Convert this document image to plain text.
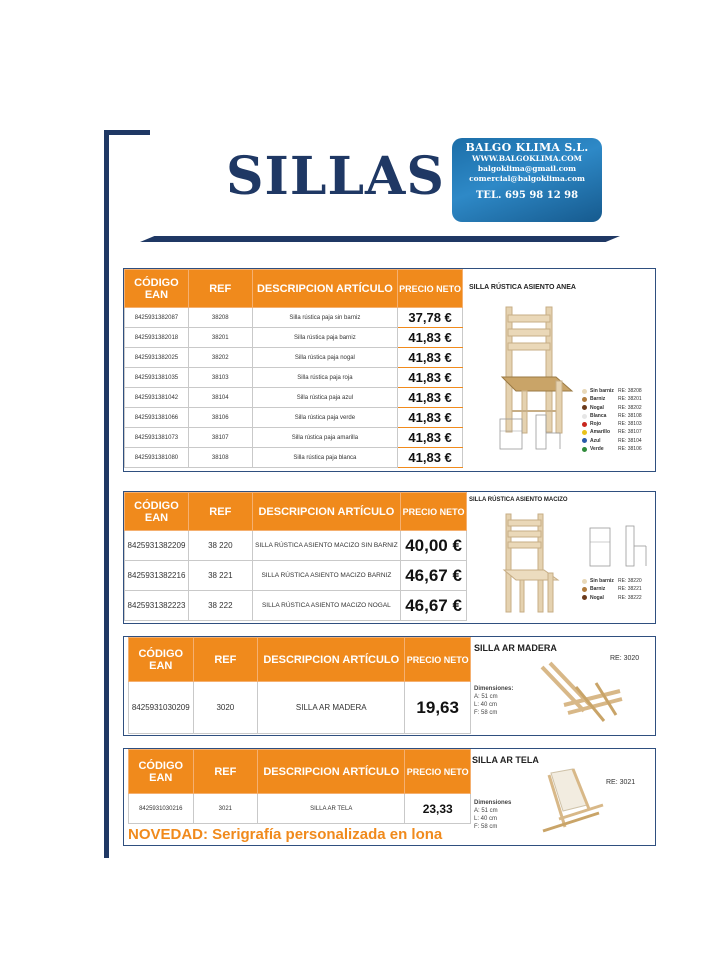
SILLAS	BALGO KLIMA S.L.
WWW.BALGOKLIMA.COM
balgoklima@gmail.com
comercial@balgoklima.com
TEL. 695 98 12 98
CÓDIGO EAN	REF	DESCRIPCION ARTÍCULO	PRECIO NETO
8425931382087	38208	Silla rústica paja sin barniz	37,78 €
8425931382018	38201	Silla rústica paja barniz	41,83 €
8425931382025	38202	Silla rústica paja nogal	41,83 €
8425931381035	38103	Silla rústica paja roja	41,83 €
8425931381042	38104	Silla rústica paja azul	41,83 €
8425931381066	38106	Silla rústica paja verde	41,83 €
8425931381073	38107	Silla rústica paja amarilla	41,83 €
8425931381080	38108	Silla rústica paja blanca	41,83 €
SILLA RÚSTICA ASIENTO ANEA
Sin barniz RE: 38208
Barniz	RE: 38201
Nogal	RE: 38202
Blanca	RE: 38108
Rojo	RE: 38103
Amarillo	RE: 38107
Azul	RE: 38104
Verde	RE: 38106
CÓDIGO EAN	REF	DESCRIPCION ARTÍCULO	PRECIO NETO
8425931382209	38 220	SILLA RÚSTICA ASIENTO MACIZO SIN BARNIZ	40,00 €
8425931382216	38 221	SILLA RÚSTICA ASIENTO MACIZO BARNIZ	46,67 €
8425931382223	38 222	SILLA RÚSTICA ASIENTO MACIZO NOGAL	46,67 €
SILLA RÚSTICA ASIENTO MACIZO
Sin barniz RE: 38220
Barniz	RE: 38221
Nogal	RE: 38222
CÓDIGO EAN	REF	DESCRIPCION ARTÍCULO	PRECIO NETO
8425931030209	3020	SILLA AR MADERA	19,63
SILLA AR MADERA
RE: 3020
Dimensiones:
A: 51 cm
L: 40 cm
F: 58 cm
CÓDIGO EAN	REF	DESCRIPCION ARTÍCULO	PRECIO NETO
8425931030216	3021	SILLA AR TELA	23,33
SILLA AR TELA
RE: 3021
Dimensiones
A: 51 cm
L: 40 cm
F: 58 cm
NOVEDAD: Serigrafía personalizada en lona
